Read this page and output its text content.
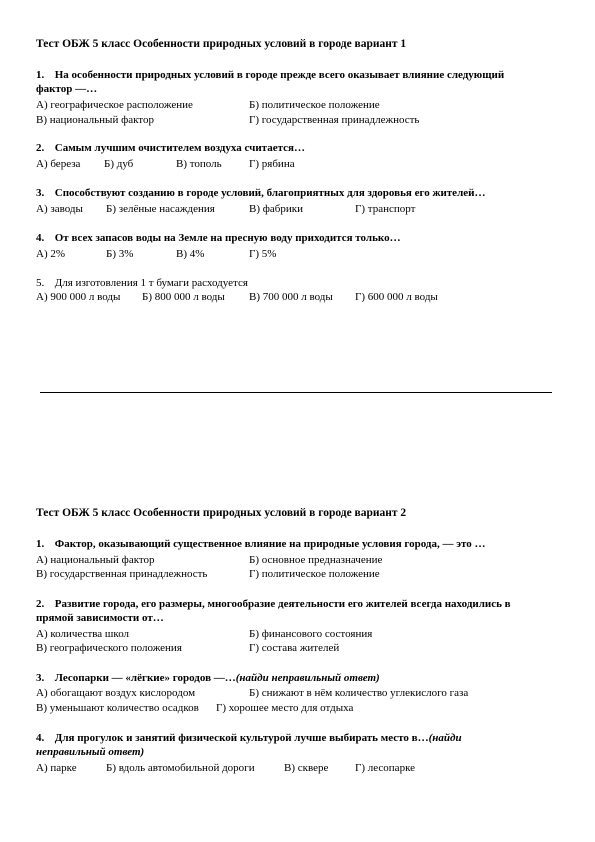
Тест ОБЖ 5 класс Особенности природных условий в городе вариант 1
1. На особенности природных условий в городе прежде всего оказывает влияние следующий
фактор —…
А) географическое расположение	Б) политическое положение
В) национальный фактор	Г) государственная принадлежность
2. Самым лучшим очистителем воздуха считается…
А) береза Б) дуб	В) тополь Г) рябина
3. Способствуют созданию в городе условий, благоприятных для здоровья его жителей…
А) заводы Б) зелёные насаждения	В) фабрики	Г) транспорт
4. От всех запасов воды на Земле на пресную воду приходится только…
А) 2%	Б) 3%	В) 4%	Г) 5%
5. Для изготовления 1 т бумаги расходуется
А) 900 000 л воды Б) 800 000 л воды В) 700 000 л воды Г) 600 000 л воды
Тест ОБЖ 5 класс Особенности природных условий в городе вариант 2
1. Фактор, оказывающий существенное влияние на природные условия города, — это …
А) национальный фактор	Б) основное предназначение
В) государственная принадлежность	Г) политическое положение
2. Развитие города, его размеры, многообразие деятельности его жителей всегда находились в
прямой зависимости от…
А) количества школ	Б) финансового состояния
В) географического положения	Г) состава жителей
3. Лесопарки — «лёгкие» городов —…(найди неправильный ответ)
А) обогащают воздух кислородом	Б) снижают в нём количество углекислого газа
В) уменьшают количество осадков Г) хорошее место для отдыха
4. Для прогулок и занятий физической культурой лучше выбирать место в…(найди
неправильный ответ)
А) парке	Б) вдоль автомобильной дороги	В) сквере Г) лесопарке
